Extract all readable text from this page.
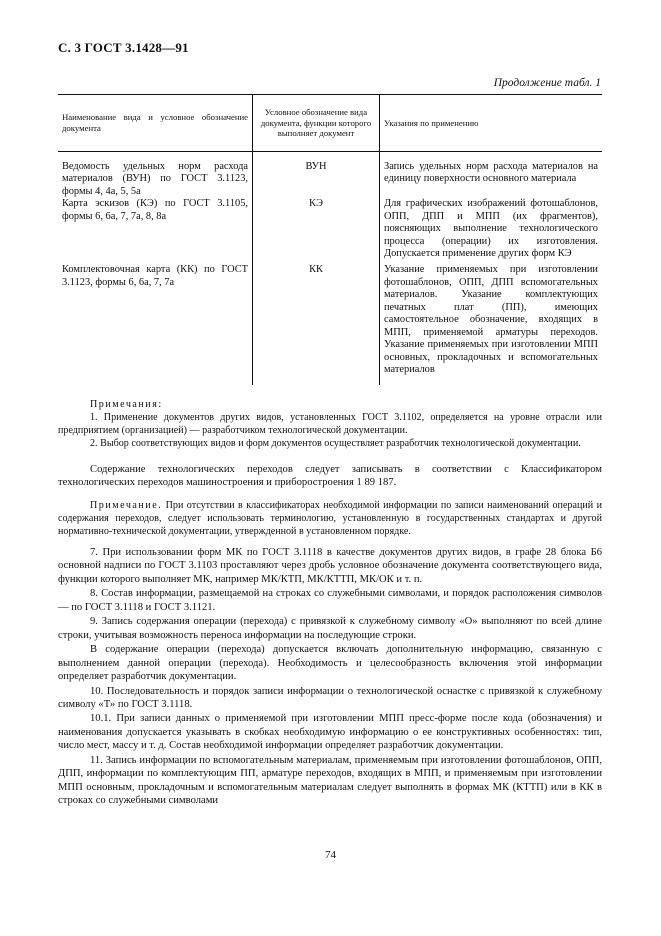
С. 3 ГОСТ 3.1428—91
Продолжение табл. 1
Наименование вида и условное обозначение документа	Условное обозначение вида документа, функции которого выполняет документ	Указания по применению
Ведомость удельных норм расхода материалов (ВУН) по ГОСТ 3.1123, формы 4, 4а, 5, 5а	ВУН	Запись удельных норм расхода материалов на единицу поверхности основного материала
Карта эскизов (КЭ) по ГОСТ 3.1105, формы 6, 6а, 7, 7а, 8, 8а	КЭ	Для графических изображений фотошаблонов, ОПП, ДПП и МПП (их фрагментов), поясняющих выполнение технологического процесса (операции) их изготовления. Допускается применение других форм КЭ
Комплектовочная карта (КК) по ГОСТ 3.1123, формы 6, 6а, 7, 7а	КК	Указание применяемых при изготовлении фотошаблонов, ОПП, ДПП вспомогательных материалов. Указание комплектующих печатных плат (ПП), имеющих самостоятельное обозначение, входящих в МПП, применяемой арматуры переходов. Указание применяемых при изготовлении МПП основных, прокладочных и вспомогательных материалов

Примечания:

1. Применение документов других видов, установленных ГОСТ 3.1102, определяется на уровне отрасли или предприятием (организацией) — разработчиком технологической документации.

2. Выбор соответствующих видов и форм документов осуществляет разработчик технологической документации.

Содержание технологических переходов следует записывать в соответствии с Классификатором технологических переходов машиностроения и приборостроения 1 89 187.

Примечание. При отсутствии в классификаторах необходимой информации по записи наименований операций и содержания переходов, следует использовать терминологию, установленную в государственных стандартах и другой нормативно-технической документации, утвержденной в установленном порядке.

7. При использовании форм МК по ГОСТ 3.1118 в качестве документов других видов, в графе 28 блока Б6 основной надписи по ГОСТ 3.1103 проставляют через дробь условное обозначение документа соответствующего вида, функции которого выполняет МК, например МК/КТП, МК/КТТП, МК/ОК и т. п.

8. Состав информации, размещаемой на строках со служебными символами, и порядок расположения символов — по ГОСТ 3.1118 и ГОСТ 3.1121.

9. Запись содержания операции (перехода) с привязкой к служебному символу «О» выполняют по всей длине строки, учитывая возможность переноса информации на последующие строки.

В содержание операции (перехода) допускается включать дополнительную информацию, связанную с выполнением данной операции (перехода). Необходимость и целесообразность включения этой информации определяет разработчик документации.

10. Последовательность и порядок записи информации о технологической оснастке с привязкой к служебному символу «Т» по ГОСТ 3.1118.

10.1. При записи данных о применяемой при изготовлении МПП пресс-форме после кода (обозначения) и наименования допускается указывать в скобках необходимую информацию о ее конструктивных особенностях: тип, число мест, массу и т. д. Состав необходимой информации определяет разработчик документации.

11. Запись информации по вспомогательным материалам, применяемым при изготовлении фотошаблонов, ОПП, ДПП, информации по комплектующим ПП, арматуре переходов, входящих в МПП, и применяемым при изготовлении МПП основным, прокладочным и вспомогательным материалам следует выполнять в формах МК (КТТП) или в КК в строках со служебными символами

74
